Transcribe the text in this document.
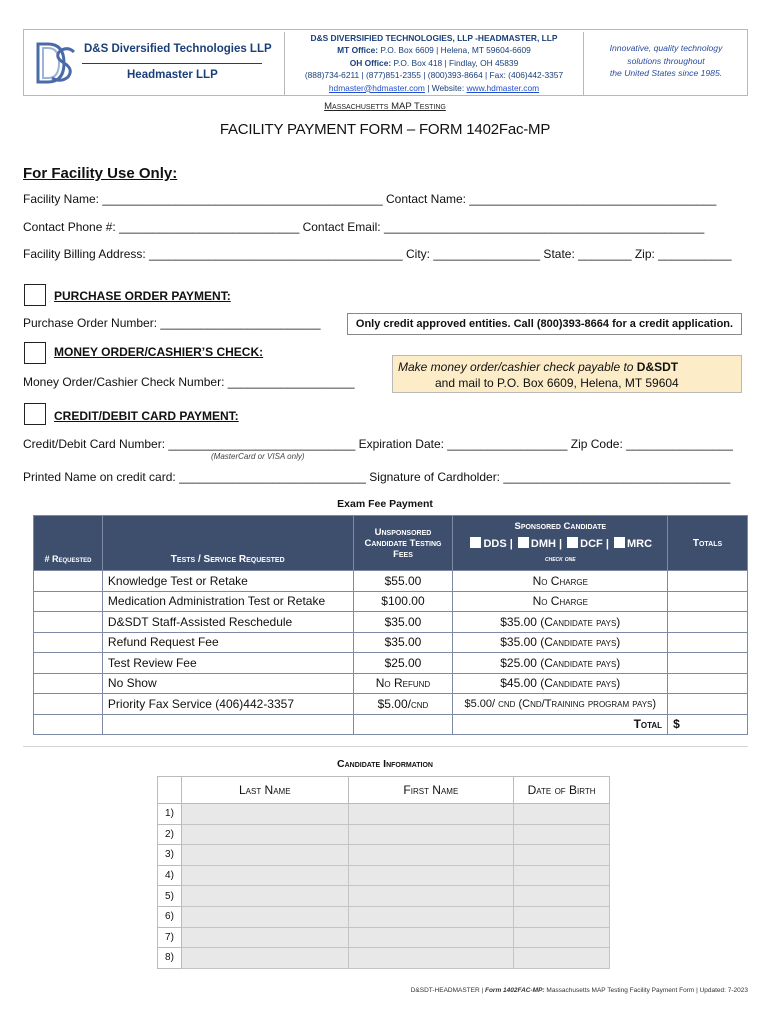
D&S Diversified Technologies LLP
Headmaster LLP
D&S DIVERSIFIED TECHNOLOGIES, LLP -HEADMASTER, LLP
MT Office: P.O. Box 6609 | Helena, MT 59604-6609
OH Office: P.O. Box 418 | Findlay, OH 45839
(888)734-6211 | (877)851-2355 | (800)393-8664 | Fax: (406)442-3357
hdmaster@hdmaster.com | Website: www.hdmaster.com
Innovative, quality technology
solutions throughout
the United States since 1985.
Massachusetts MAP Testing
FACILITY PAYMENT FORM – FORM 1402Fac-MP
For Facility Use Only:
Facility Name: __________________________________________ Contact Name: _____________________________________
Contact Phone #: ___________________________ Contact Email: ________________________________________________
Facility Billing Address: ______________________________________ City: ________________ State: ________ Zip: ___________
PURCHASE ORDER PAYMENT:
Purchase Order Number: ________________________	Only credit approved entities. Call (800)393-8664 for a credit application.
MONEY ORDER/CASHIER’S CHECK:
Money Order/Cashier Check Number: ___________________
Make money order/cashier check payable to D&SDT
and mail to P.O. Box 6609, Helena, MT 59604
CREDIT/DEBIT CARD PAYMENT:
Credit/Debit Card Number: ____________________________ Expiration Date: __________________ Zip Code: ________________
(MasterCard or VISA only)
Printed Name on credit card: ____________________________ Signature of Cardholder: __________________________________
Exam Fee Payment
# Requested	Tests / Service Requested	Unsponsored Candidate Testing Fees	Sponsored Candidate
DDS | DMH | DCF | MRC
check one	Totals
	Knowledge Test or Retake	$55.00	No Charge	
	Medication Administration Test or Retake	$100.00	No Charge	
	D&SDT Staff-Assisted Reschedule	$35.00	$35.00 (Candidate pays)	
	Refund Request Fee	$35.00	$35.00 (Candidate pays)	
	Test Review Fee	$25.00	$25.00 (Candidate pays)	
	No Show	No Refund	$45.00 (Candidate pays)	
	Priority Fax Service (406)442-3357	$5.00/cnd	$5.00/ cnd (Cnd/Training program pays)	
			Total	$
Candidate Information
	Last Name	First Name	Date of Birth
1)			
2)			
3)			
4)			
5)			
6)			
7)			
8)			
D&SDT-HEADMASTER | Form 1402FAC-MP: Massachusetts MAP Testing Facility Payment Form | Updated: 7-2023
